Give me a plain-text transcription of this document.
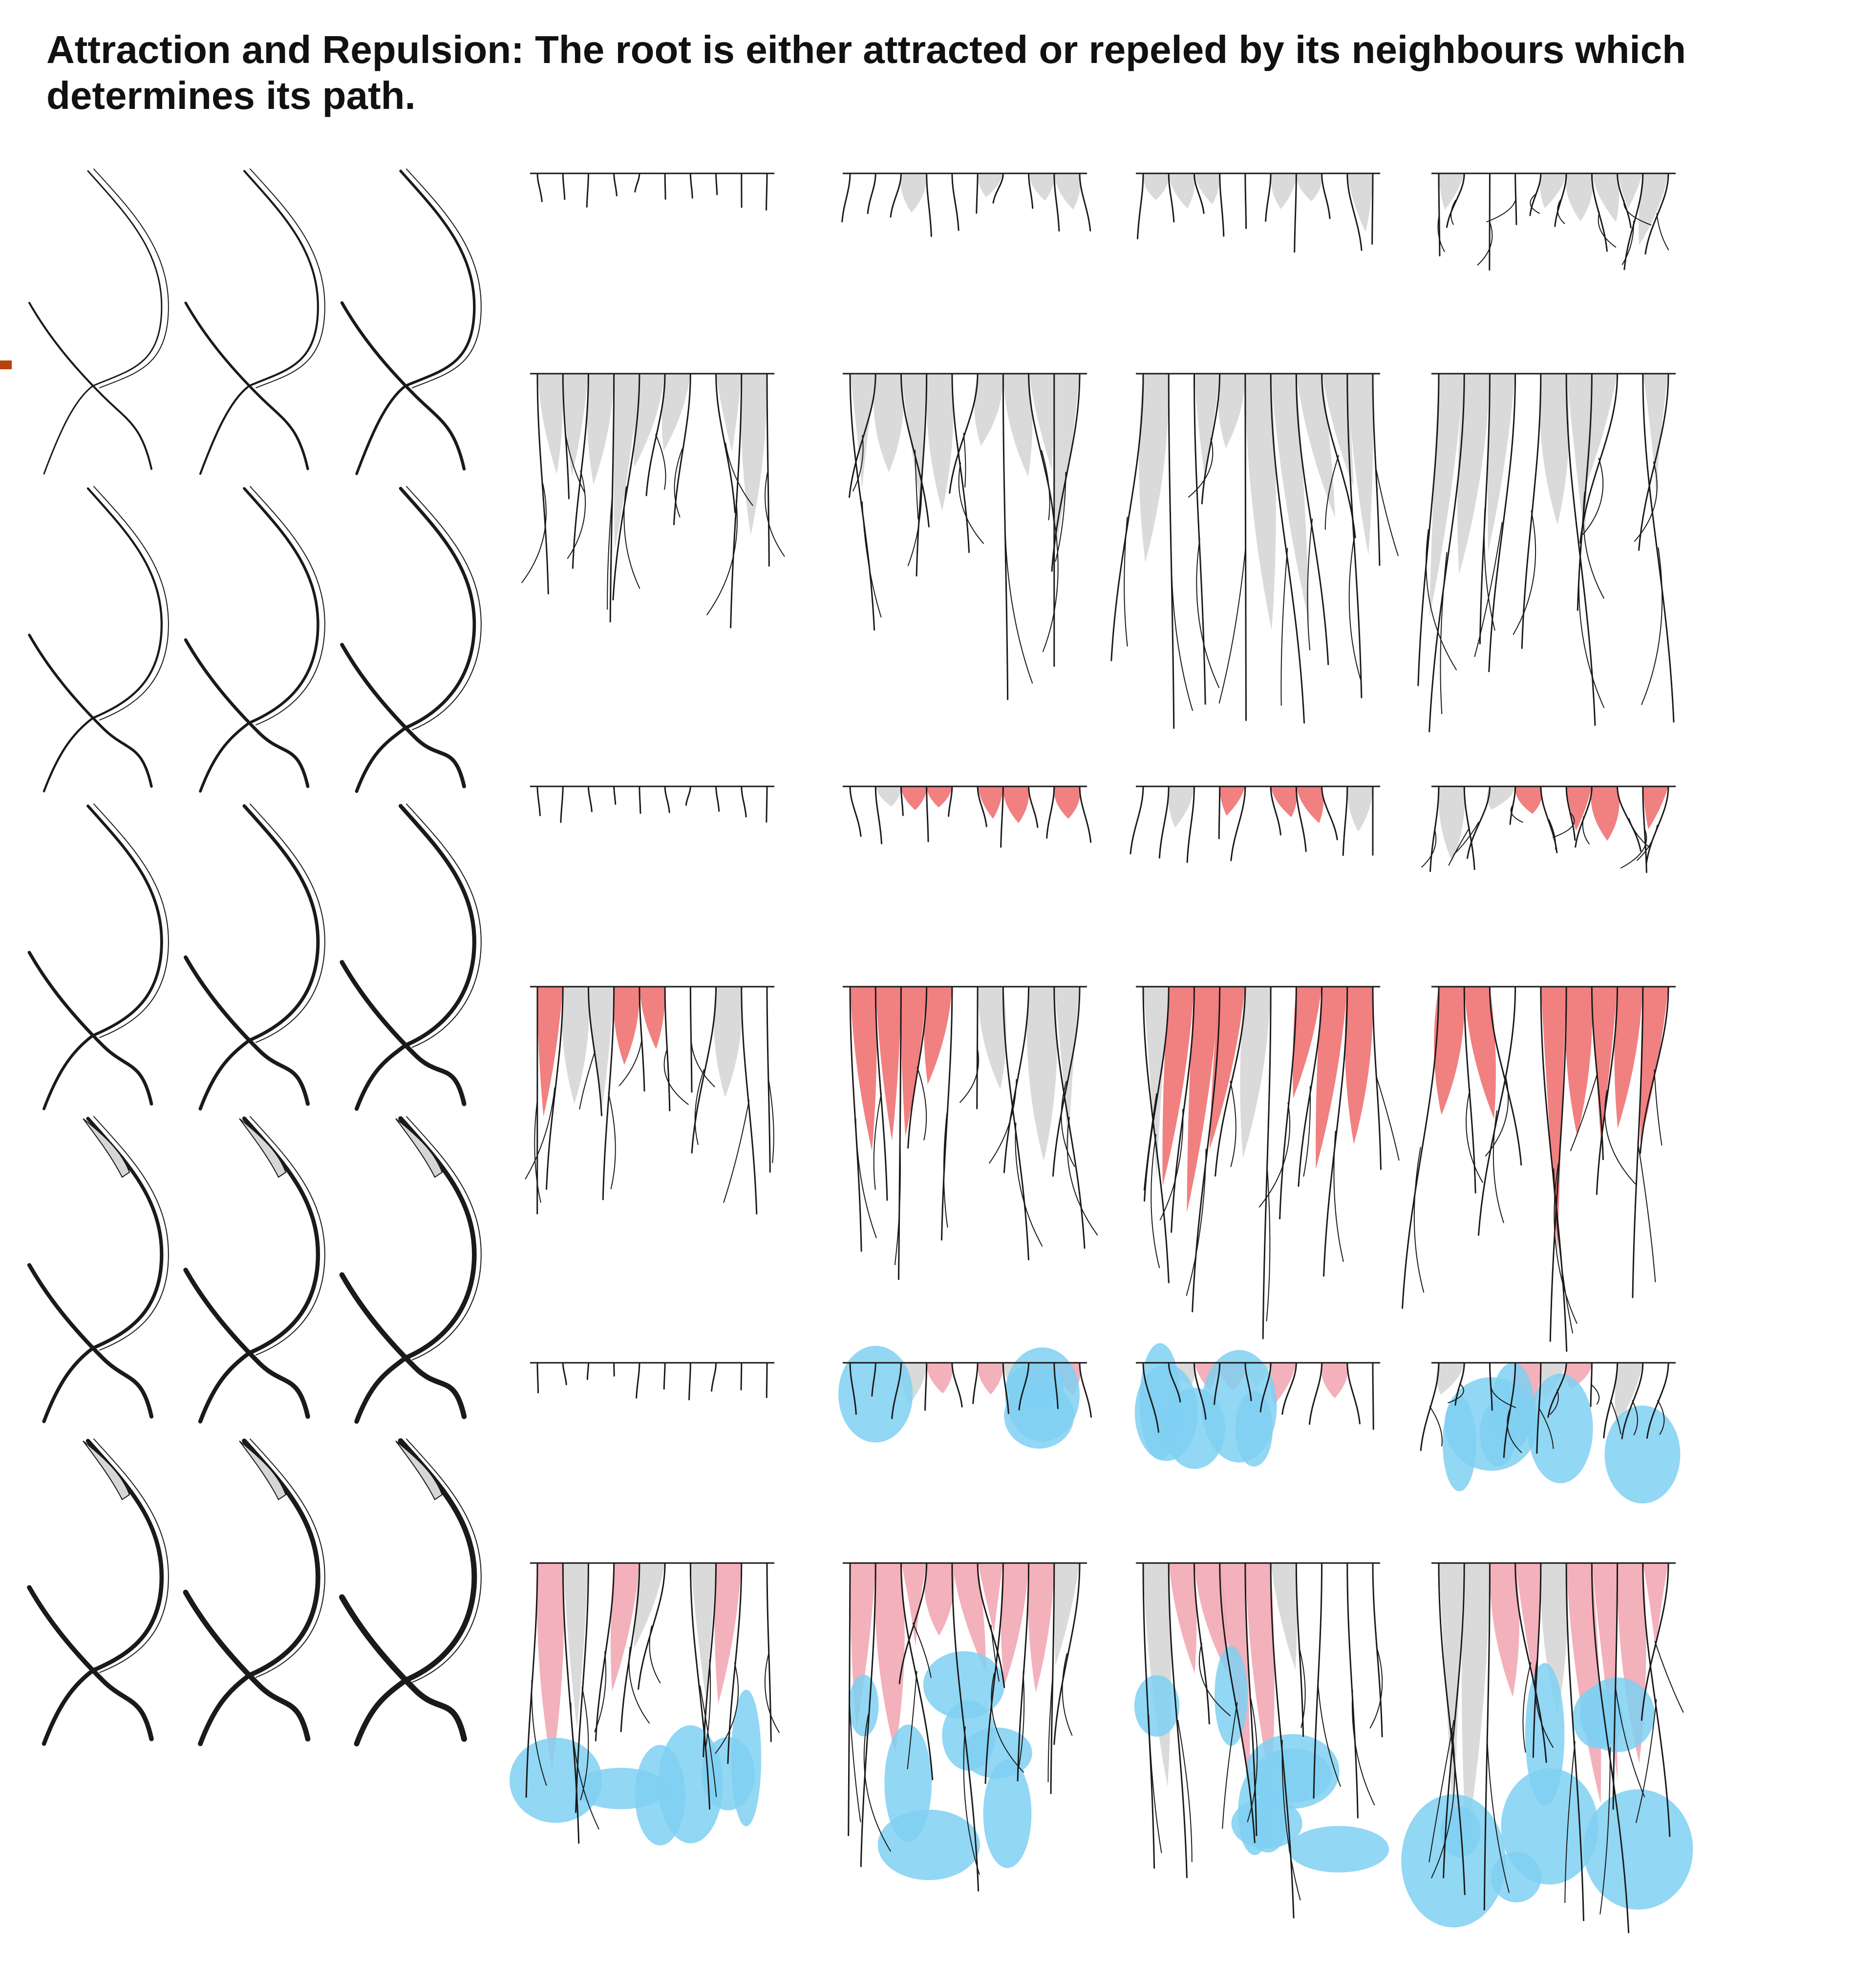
Attraction and Repulsion: The root is either attracted or repeled by its neighbours which determines its path.
